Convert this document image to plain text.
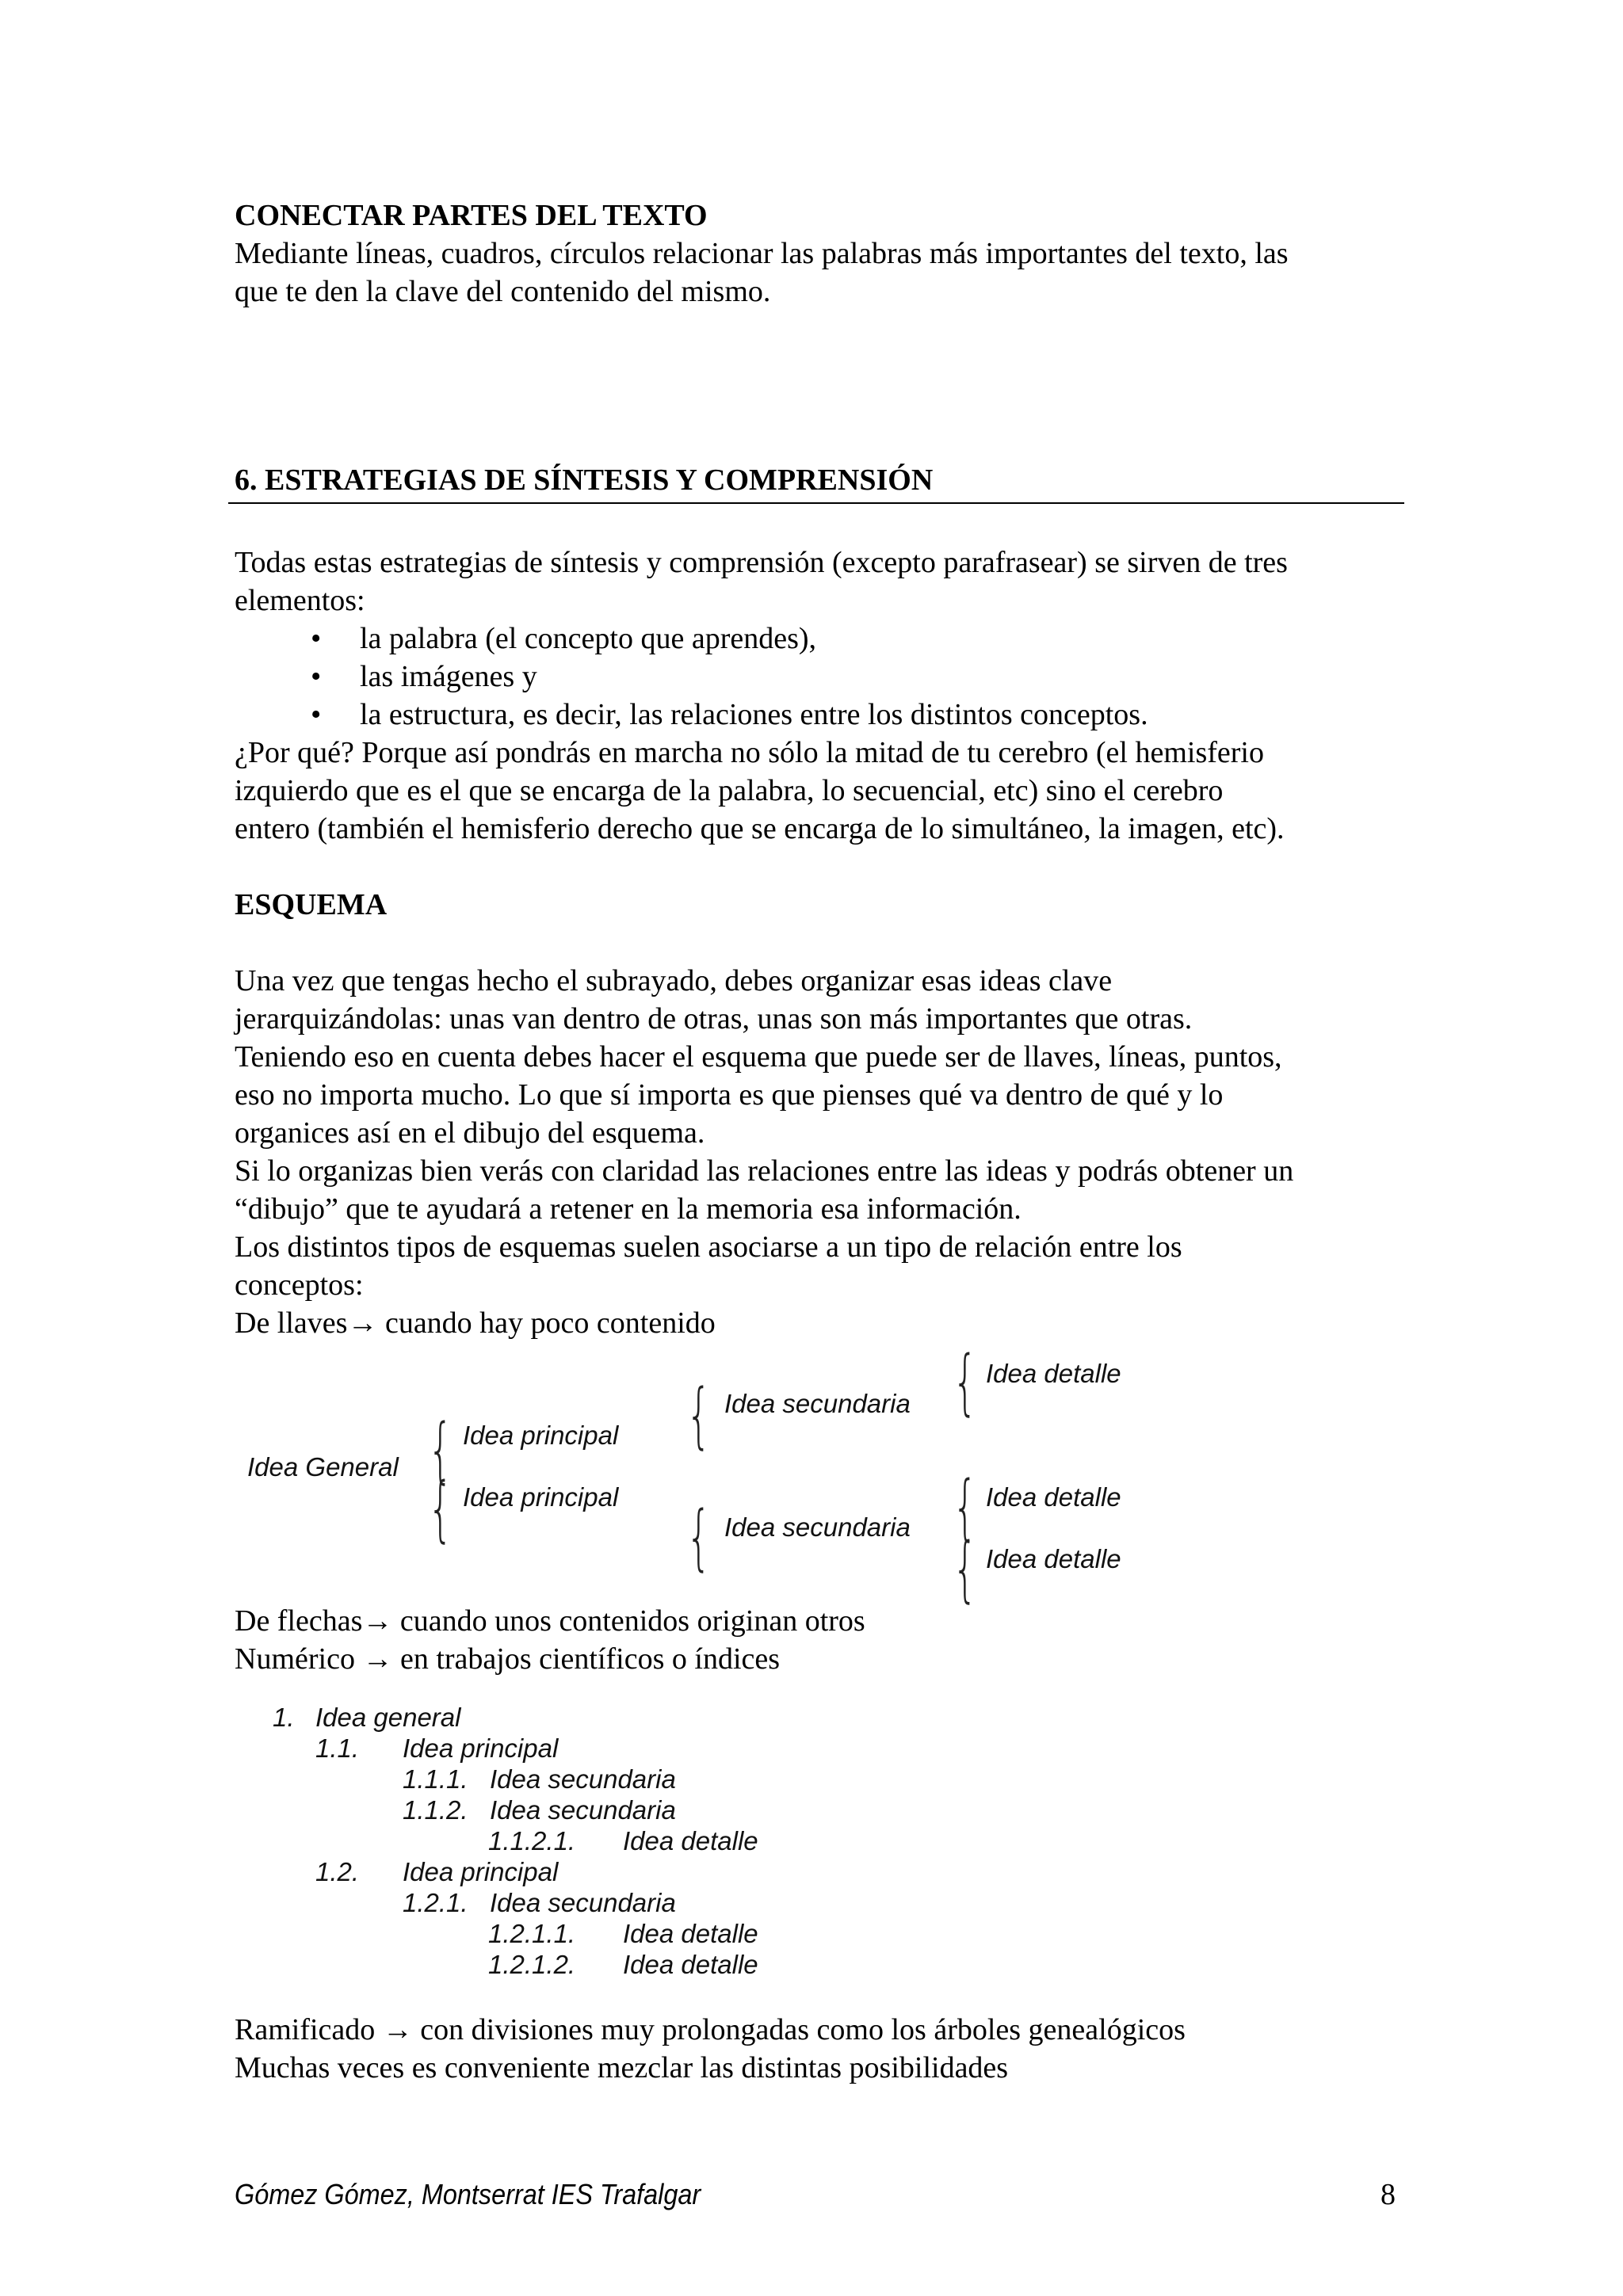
CONECTAR PARTES DEL TEXTO
Mediante líneas, cuadros, círculos relacionar las palabras más importantes del texto, las
que te den la clave del contenido del mismo.
6. ESTRATEGIAS DE SÍNTESIS Y COMPRENSIÓN
Todas estas estrategias de síntesis y comprensión (excepto parafrasear) se sirven de tres
elementos:
• la palabra (el concepto que aprendes),
• las imágenes y
• la estructura, es decir, las relaciones entre los distintos conceptos.
¿Por qué? Porque así pondrás en marcha no sólo la mitad de tu cerebro (el hemisferio
izquierdo que es el que se encarga de la palabra, lo secuencial, etc) sino el cerebro
entero (también el hemisferio derecho que se encarga de lo simultáneo, la imagen, etc).
ESQUEMA
Una vez que tengas hecho el subrayado, debes organizar esas ideas clave
jerarquizándolas: unas van dentro de otras, unas son más importantes que otras.
Teniendo eso en cuenta debes hacer el esquema que puede ser de llaves, líneas, puntos,
eso no importa mucho. Lo que sí importa es que pienses qué va dentro de qué y lo
organices así en el dibujo del esquema.
Si lo organizas bien verás con claridad las relaciones entre las ideas y podrás obtener un
“dibujo” que te ayudará a retener en la memoria esa información.
Los distintos tipos de esquemas suelen asociarse a un tipo de relación entre los
conceptos:
De llaves→ cuando hay poco contenido
Idea General {
{
Idea principal
Idea principal
{
{
Idea secundaria
Idea secundaria
{
{
{
Idea detalle
Idea detalle
Idea detalle
De flechas→ cuando unos contenidos originan otros
Numérico → en trabajos científicos o índices
1. Idea general
1.1. Idea principal
1.1.1. Idea secundaria
1.1.2. Idea secundaria
1.1.2.1. Idea detalle
1.2. Idea principal
1.2.1. Idea secundaria
1.2.1.1. Idea detalle
1.2.1.2. Idea detalle
Ramificado → con divisiones muy prolongadas como los árboles genealógicos
Muchas veces es conveniente mezclar las distintas posibilidades
Gómez Gómez, Montserrat IES Trafalgar	8
